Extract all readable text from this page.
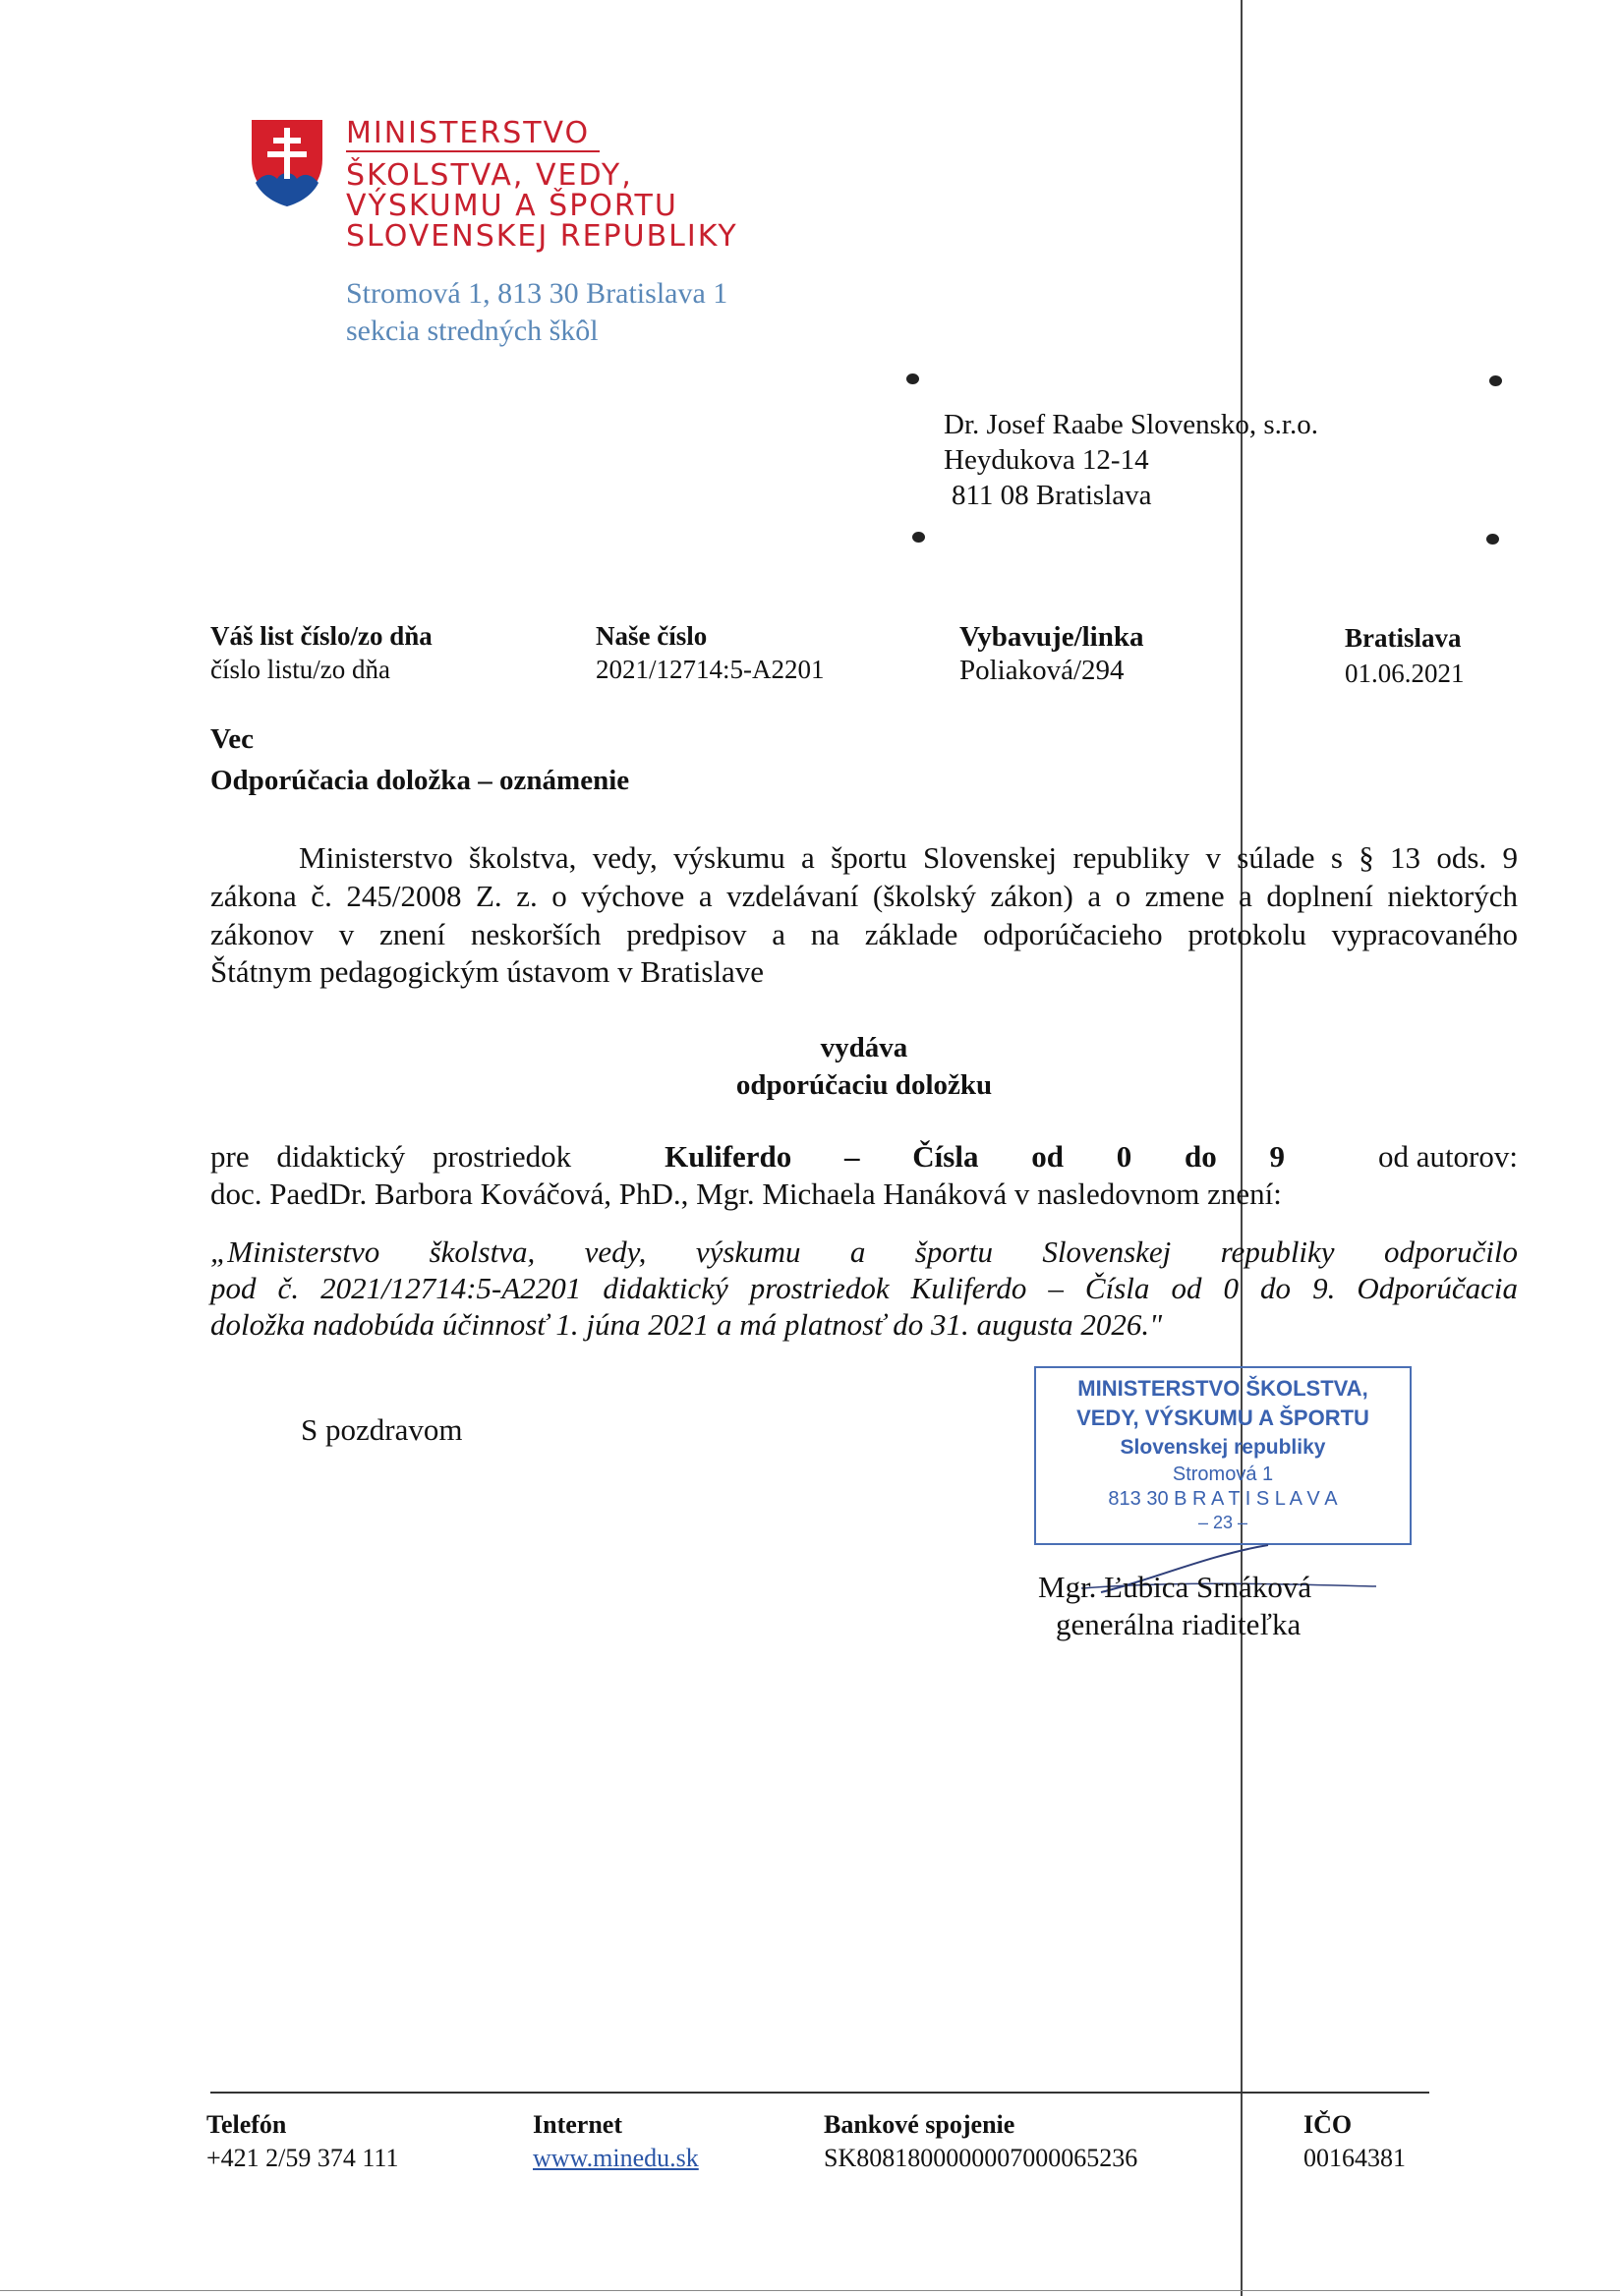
MINISTERSTVO
ŠKOLSTVA, VEDY,
VÝSKUMU A ŠPORTU
SLOVENSKEJ REPUBLIKY
Stromová 1, 813 30 Bratislava 1
sekcia stredných škôl
Dr. Josef Raabe Slovensko, s.r.o.
Heydukova 12-14
811 08 Bratislava
Váš list číslo/zo dňa
číslo listu/zo dňa
Naše číslo
2021/12714:5-A2201
Vybavuje/linka
Poliaková/294
Bratislava
01.06.2021
Vec
Odporúčacia doložka – oznámenie
Ministerstvo školstva, vedy, výskumu a športu Slovenskej republiky v súlade s § 13 ods. 9
zákona č. 245/2008 Z. z. o výchove a vzdelávaní (školský zákon) a o zmene a doplnení niektorých
zákonov v znení neskorších predpisov a na základe odporúčacieho protokolu vypracovaného
Štátnym pedagogickým ústavom v Bratislave
vydáva
odporúčaciu doložku
pre didaktický prostriedok	Kuliferdo – Čísla od 0 do 9	od autorov:
doc. PaedDr. Barbora Kováčová, PhD., Mgr. Michaela Hanáková v nasledovnom znení:
„Ministerstvo školstva, vedy, výskumu a športu Slovenskej republiky odporučilo
pod č. 2021/12714:5-A2201 didaktický prostriedok Kuliferdo – Čísla od 0 do 9. Odporúčacia
doložka nadobúda účinnosť 1. júna 2021 a má platnosť do 31. augusta 2026."
S pozdravom
MINISTERSTVO ŠKOLSTVA,
VEDY, VÝSKUMU A ŠPORTU
Slovenskej republiky
Stromová 1
813 30 B R A T I S L A V A
– 23 –
Mgr. Ľubica Srnáková
generálna riaditeľka
Telefón
+421 2/59 374 111
Internet
www.minedu.sk
Bankové spojenie
SK8081800000007000065236
IČO
00164381
